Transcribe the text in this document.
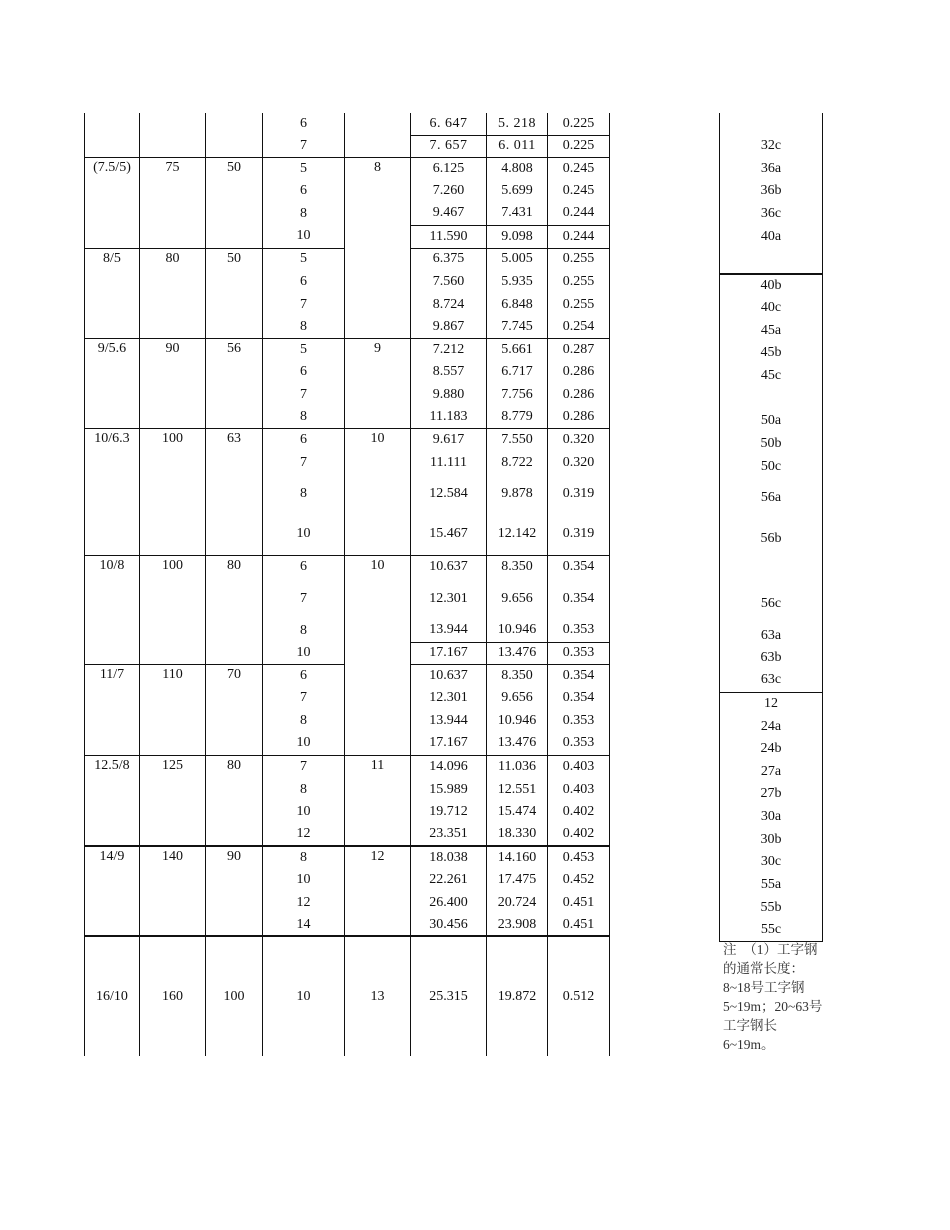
			6		6. 647	5. 218	0.225
			7		7. 657	6. 011	0.225
(7.5/5)	75	50	5	8	6.125	4.808	0.245
			6		7.260	5.699	0.245
			8		9.467	7.431	0.244
			10		11.590	9.098	0.244
8/5	80	50	5		6.375	5.005	0.255
			6		7.560	5.935	0.255
			7		8.724	6.848	0.255
			8		9.867	7.745	0.254
9/5.6	90	56	5	9	7.212	5.661	0.287
			6		8.557	6.717	0.286
			7		9.880	7.756	0.286
			8		11.183	8.779	0.286
10/6.3	100	63	6	10	9.617	7.550	0.320
			7		11.111	8.722	0.320
			8		12.584	9.878	0.319
			10		15.467	12.142	0.319
10/8	100	80	6	10	10.637	8.350	0.354
			7		12.301	9.656	0.354
			8		13.944	10.946	0.353
			10		17.167	13.476	0.353
11/7	110	70	6		10.637	8.350	0.354
			7		12.301	9.656	0.354
			8		13.944	10.946	0.353
			10		17.167	13.476	0.353
12.5/8	125	80	7	11	14.096	11.036	0.403
			8		15.989	12.551	0.403
			10		19.712	15.474	0.402
			12		23.351	18.330	0.402
14/9	140	90	8	12	18.038	14.160	0.453
			10		22.261	17.475	0.452
			12		26.400	20.724	0.451
			14		30.456	23.908	0.451
16/10	160	100	10	13	25.315	19.872	0.512

32c
36a
36b
36c
40a

40b
40c
45a
45b
45c

50a
50b
50c
56a
56b

56c
63a
63b
63c
12
24a
24b
27a
27b
30a
30b
30c
55a
55b
55c
注　（1）工字钢的通常长度：8~18号工字钢5~19m；20~63号工字钢长6~19m。
